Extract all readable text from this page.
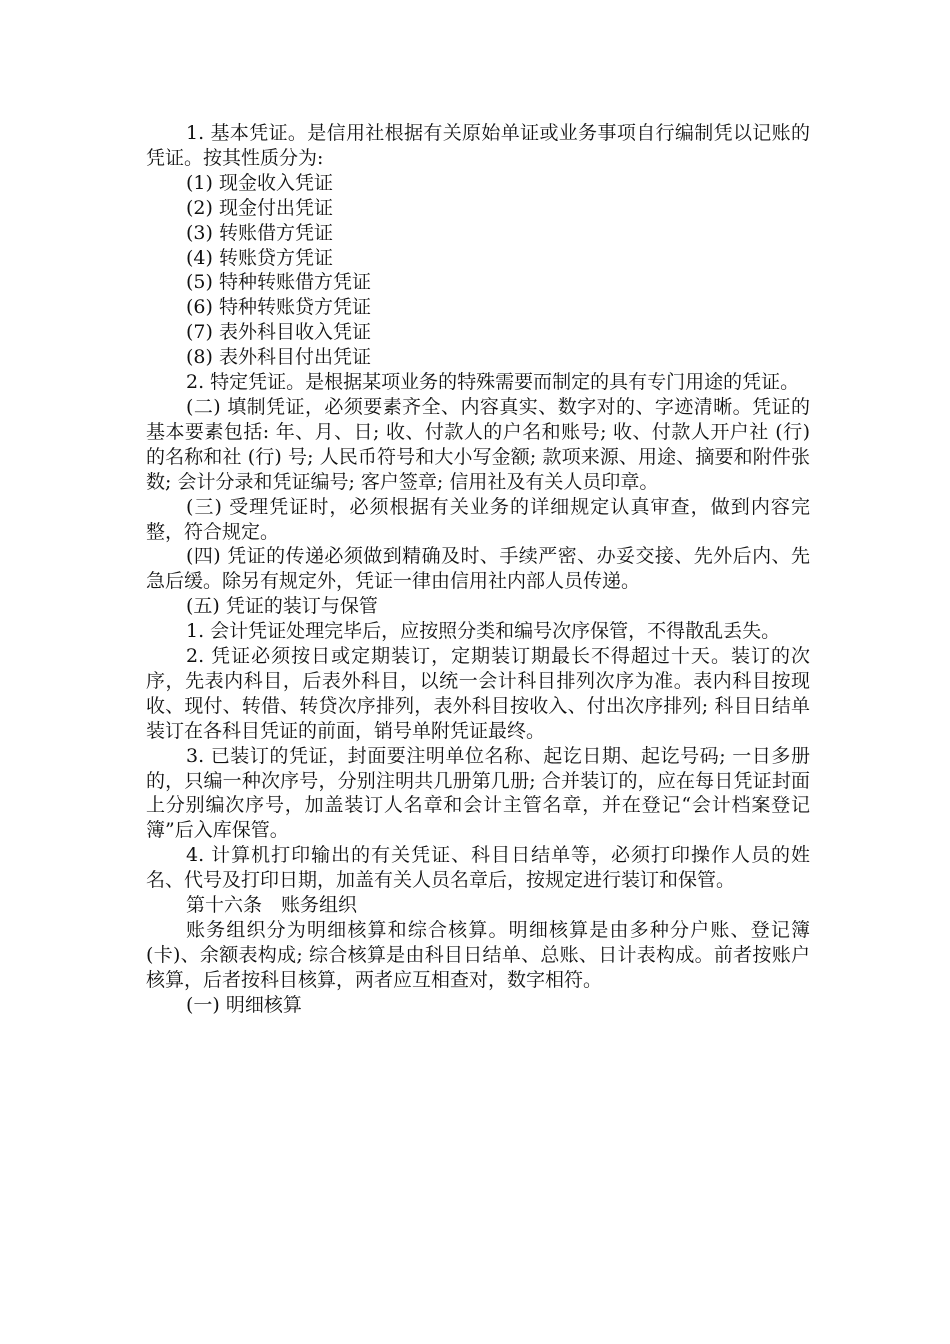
1. 基本凭证。是信用社根据有关原始单证或业务事项自行编制凭以记账的凭证。按其性质分为:

(1) 现金收入凭证

(2) 现金付出凭证

(3) 转账借方凭证

(4) 转账贷方凭证

(5) 特种转账借方凭证

(6) 特种转账贷方凭证

(7) 表外科目收入凭证

(8) 表外科目付出凭证

2. 特定凭证。是根据某项业务的特殊需要而制定的具有专门用途的凭证。

(二) 填制凭证，必须要素齐全、内容真实、数字对的、字迹清晰。凭证的基本要素包括: 年、月、日; 收、付款人的户名和账号; 收、付款人开户社 (行) 的名称和社 (行) 号; 人民币符号和大小写金额; 款项来源、用途、摘要和附件张数; 会计分录和凭证编号; 客户签章; 信用社及有关人员印章。

(三) 受理凭证时，必须根据有关业务的详细规定认真审查，做到内容完整，符合规定。

(四) 凭证的传递必须做到精确及时、手续严密、办妥交接、先外后内、先急后缓。除另有规定外，凭证一律由信用社内部人员传递。

(五) 凭证的装订与保管

1. 会计凭证处理完毕后，应按照分类和编号次序保管，不得散乱丢失。

2. 凭证必须按日或定期装订，定期装订期最长不得超过十天。装订的次序，先表内科目，后表外科目，以统一会计科目排列次序为准。表内科目按现收、现付、转借、转贷次序排列，表外科目按收入、付出次序排列; 科目日结单装订在各科目凭证的前面，销号单附凭证最终。

3. 已装订的凭证，封面要注明单位名称、起讫日期、起讫号码; 一日多册的，只编一种次序号，分别注明共几册第几册; 合并装订的，应在每日凭证封面上分别编次序号，加盖装订人名章和会计主管名章，并在登记“会计档案登记簿”后入库保管。

4. 计算机打印输出的有关凭证、科目日结单等，必须打印操作人员的姓名、代号及打印日期，加盖有关人员名章后，按规定进行装订和保管。

第十六条　账务组织

账务组织分为明细核算和综合核算。明细核算是由多种分户账、登记簿 (卡)、余额表构成; 综合核算是由科目日结单、总账、日计表构成。前者按账户核算，后者按科目核算，两者应互相查对，数字相符。

(一) 明细核算
